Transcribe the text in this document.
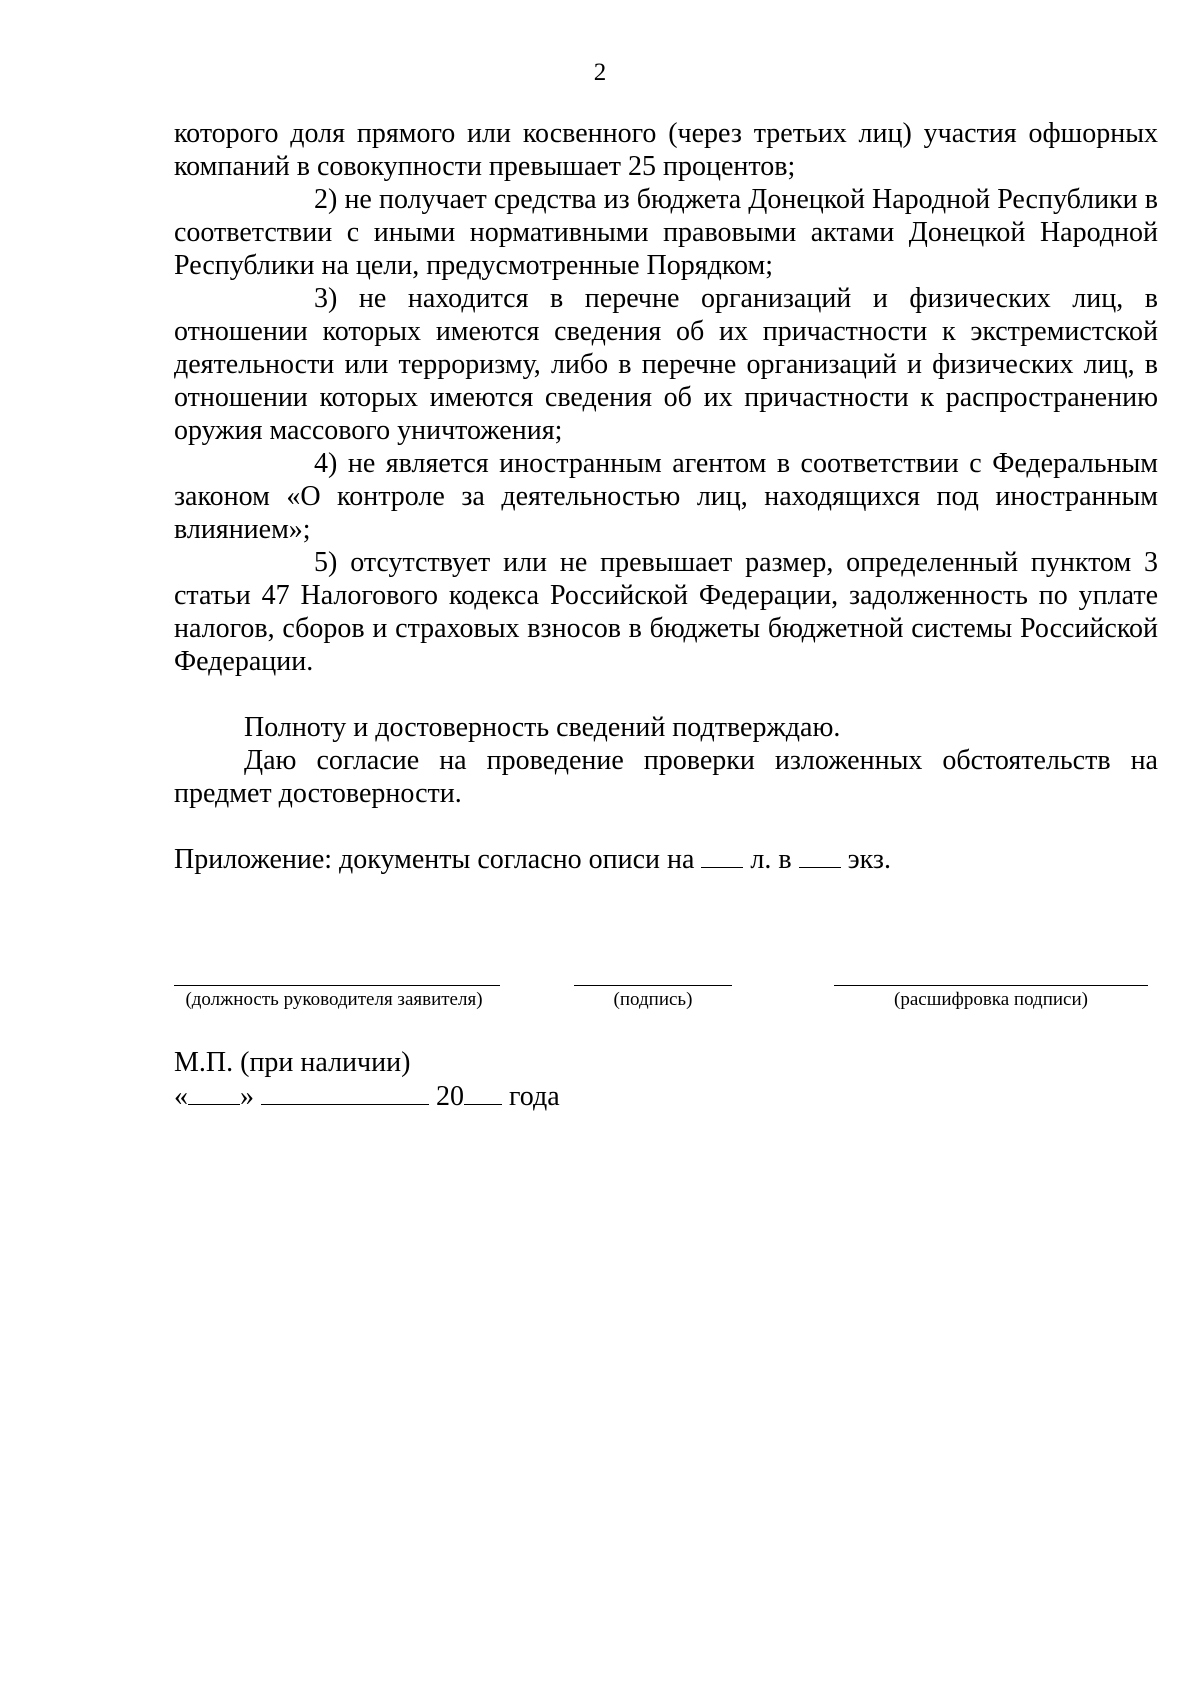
2

которого доля прямого или косвенного (через третьих лиц) участия офшорных компаний в совокупности превышает 25 процентов;

2) не получает средства из бюджета Донецкой Народной Республики в соответствии с иными нормативными правовыми актами Донецкой Народной Республики на цели, предусмотренные Порядком;

3) не находится в перечне организаций и физических лиц, в отношении которых имеются сведения об их причастности к экстремистской деятельности или терроризму, либо в перечне организаций и физических лиц, в отношении которых имеются сведения об их причастности к распространению оружия массового уничтожения;

4) не является иностранным агентом в соответствии с Федеральным законом «О контроле за деятельностью лиц, находящихся под иностранным влиянием»;

5) отсутствует или не превышает размер, определенный пунктом 3 статьи 47 Налогового кодекса Российской Федерации, задолженность по уплате налогов, сборов и страховых взносов в бюджеты бюджетной системы Российской Федерации.

Полноту и достоверность сведений подтверждаю.

Даю согласие на проведение проверки изложенных обстоятельств на предмет достоверности.

Приложение: документы согласно описи на л. в экз.
(должность руководителя заявителя)	(подпись)	(расшифровка подписи)
М.П. (при наличии)
« »	20 года
